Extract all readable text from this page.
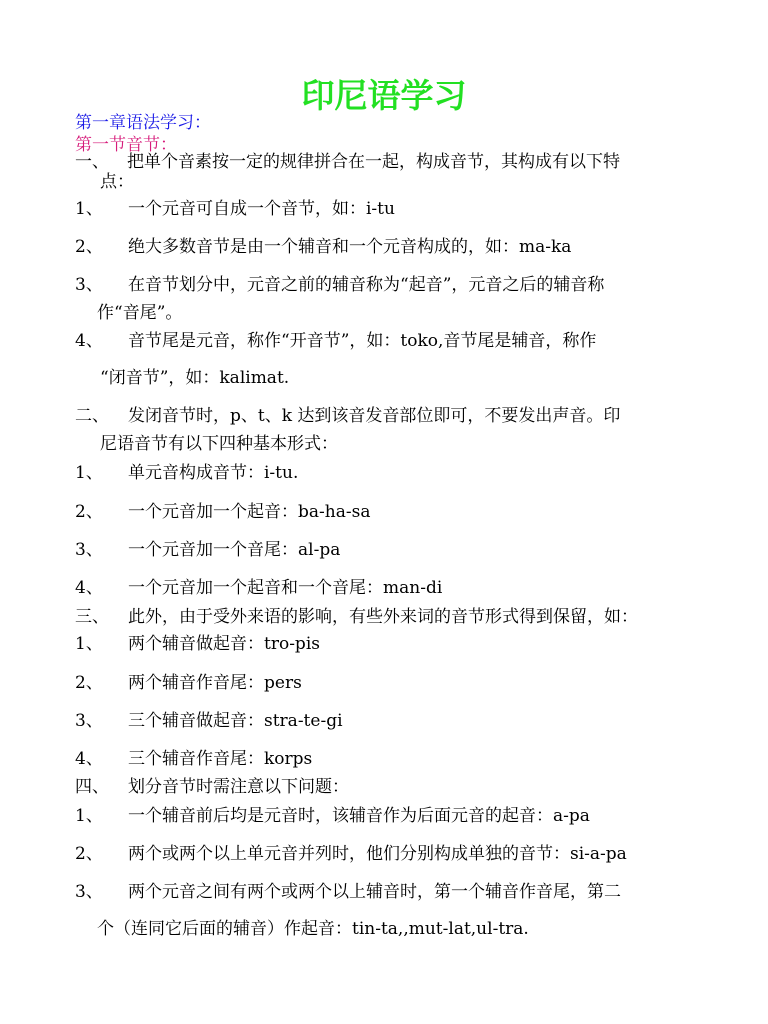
印尼语学习
第一章语法学习：
第一节音节：
一、 把单个音素按一定的规律拼合在一起，构成音节，其构成有以下特
点：
1、 一个元音可自成一个音节，如：i-tu
2、 绝大多数音节是由一个辅音和一个元音构成的，如：ma-ka
3、 在音节划分中，元音之前的辅音称为“起音”，元音之后的辅音称
作“音尾”。
4、 音节尾是元音，称作“开音节”，如：toko,音节尾是辅音，称作
“闭音节”，如：kalimat.
二、 发闭音节时，p、t、k 达到该音发音部位即可，不要发出声音。印
尼语音节有以下四种基本形式：
1、 单元音构成音节：i-tu.
2、 一个元音加一个起音：ba-ha-sa
3、 一个元音加一个音尾：al-pa
4、 一个元音加一个起音和一个音尾：man-di
三、 此外，由于受外来语的影响，有些外来词的音节形式得到保留，如：
1、 两个辅音做起音：tro-pis
2、 两个辅音作音尾：pers
3、 三个辅音做起音：stra-te-gi
4、 三个辅音作音尾：korps
四、 划分音节时需注意以下问题：
1、 一个辅音前后均是元音时，该辅音作为后面元音的起音：a-pa
2、 两个或两个以上单元音并列时，他们分别构成单独的音节：si-a-pa
3、 两个元音之间有两个或两个以上辅音时，第一个辅音作音尾，第二
个（连同它后面的辅音）作起音：tin-ta,,mut-lat,ul-tra.
